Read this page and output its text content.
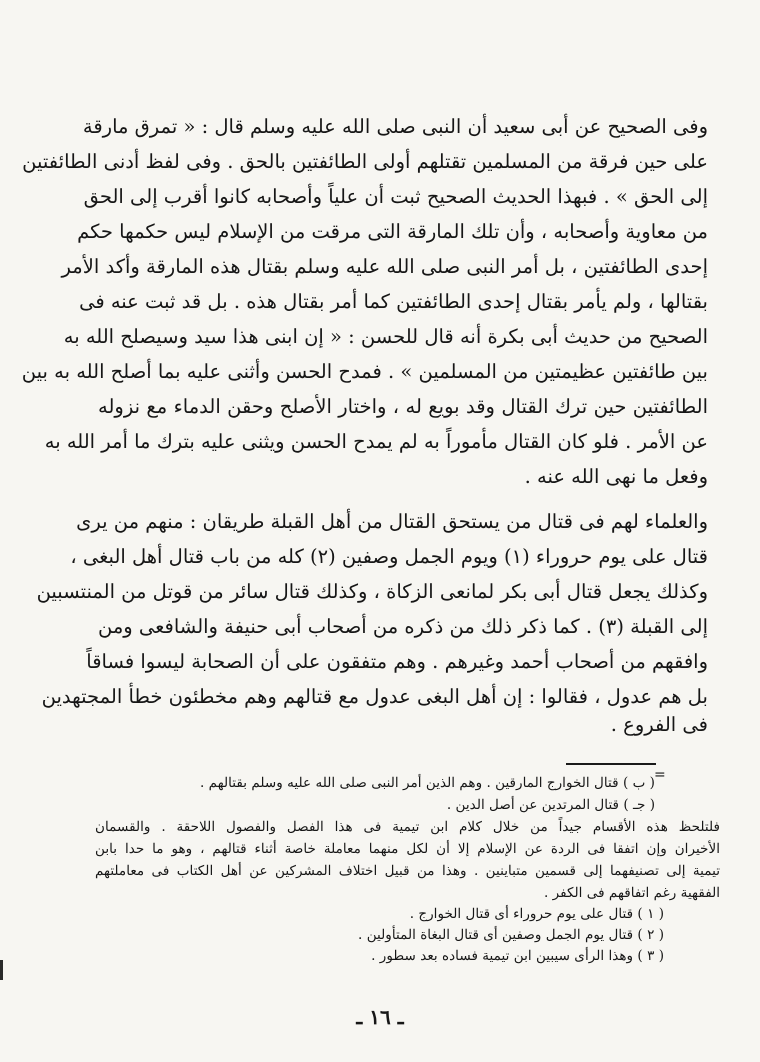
وفى الصحيح عن أبى سعيد أن النبى صلى الله عليه وسلم قال : « تمرق مارقة
على حين فرقة من المسلمين تقتلهم أولى الطائفتين بالحق . وفى لفظ أدنى الطائفتين
إلى الحق » . فبهذا الحديث الصحيح ثبت أن علياً وأصحابه كانوا أقرب إلى الحق
من معاوية وأصحابه ، وأن تلك المارقة التى مرقت من الإسلام ليس حكمها حكم
إحدى الطائفتين ، بل أمر النبى صلى الله عليه وسلم بقتال هذه المارقة وأكد الأمر
بقتالها ، ولم يأمر بقتال إحدى الطائفتين كما أمر بقتال هذه . بل قد ثبت عنه فى
الصحيح من حديث أبى بكرة أنه قال للحسن : « إن ابنى هذا سيد وسيصلح الله به
بين طائفتين عظيمتين من المسلمين » . فمدح الحسن وأثنى عليه بما أصلح الله به بين
الطائفتين حين ترك القتال وقد بويع له ، واختار الأصلح وحقن الدماء مع نزوله
عن الأمر . فلو كان القتال مأموراً به لم يمدح الحسن ويثنى عليه بترك ما أمر الله به
وفعل ما نهى الله عنه .
والعلماء لهم فى قتال من يستحق القتال من أهل القبلة طريقان : منهم من يرى
قتال على يوم حروراء (١) ويوم الجمل وصفين (٢) كله من باب قتال أهل البغى ،
وكذلك يجعل قتال أبى بكر لمانعى الزكاة ، وكذلك قتال سائر من قوتل من المنتسبين
إلى القبلة (٣) . كما ذكر ذلك من ذكره من أصحاب أبى حنيفة والشافعى ومن
وافقهم من أصحاب أحمد وغيرهم . وهم متفقون على أن الصحابة ليسوا فساقاً
بل هم عدول ، فقالوا : إن أهل البغى عدول مع قتالهم وهم مخطئون خطأ المجتهدين
فى الفروع .
=
( ب ) قتال الخوارج المارقين . وهم الذين أمر النبى صلى الله عليه وسلم بقتالهم .
( جـ ) قتال المرتدين عن أصل الدين .
فلتلحظ هذه الأقسام جيداً من خلال كلام ابن تيمية فى هذا الفصل والفصول اللاحقة . والقسمان
الأخيران وإن اتفقا فى الردة عن الإسلام إلا أن لكل منهما معاملة خاصة أثناء قتالهم ، وهو ما حدا بابن
تيمية إلى تصنيفهما إلى قسمين متباينين . وهذا من قبيل اختلاف المشركين عن أهل الكتاب فى معاملتهم
الفقهية رغم اتفاقهم فى الكفر .
( ١ ) قتال على يوم حروراء أى قتال الخوارج .
( ٢ ) قتال يوم الجمل وصفين أى قتال البغاة المتأولين .
( ٣ ) وهذا الرأى سيبين ابن تيمية فساده بعد سطور .
ـ ١٦ ـ
